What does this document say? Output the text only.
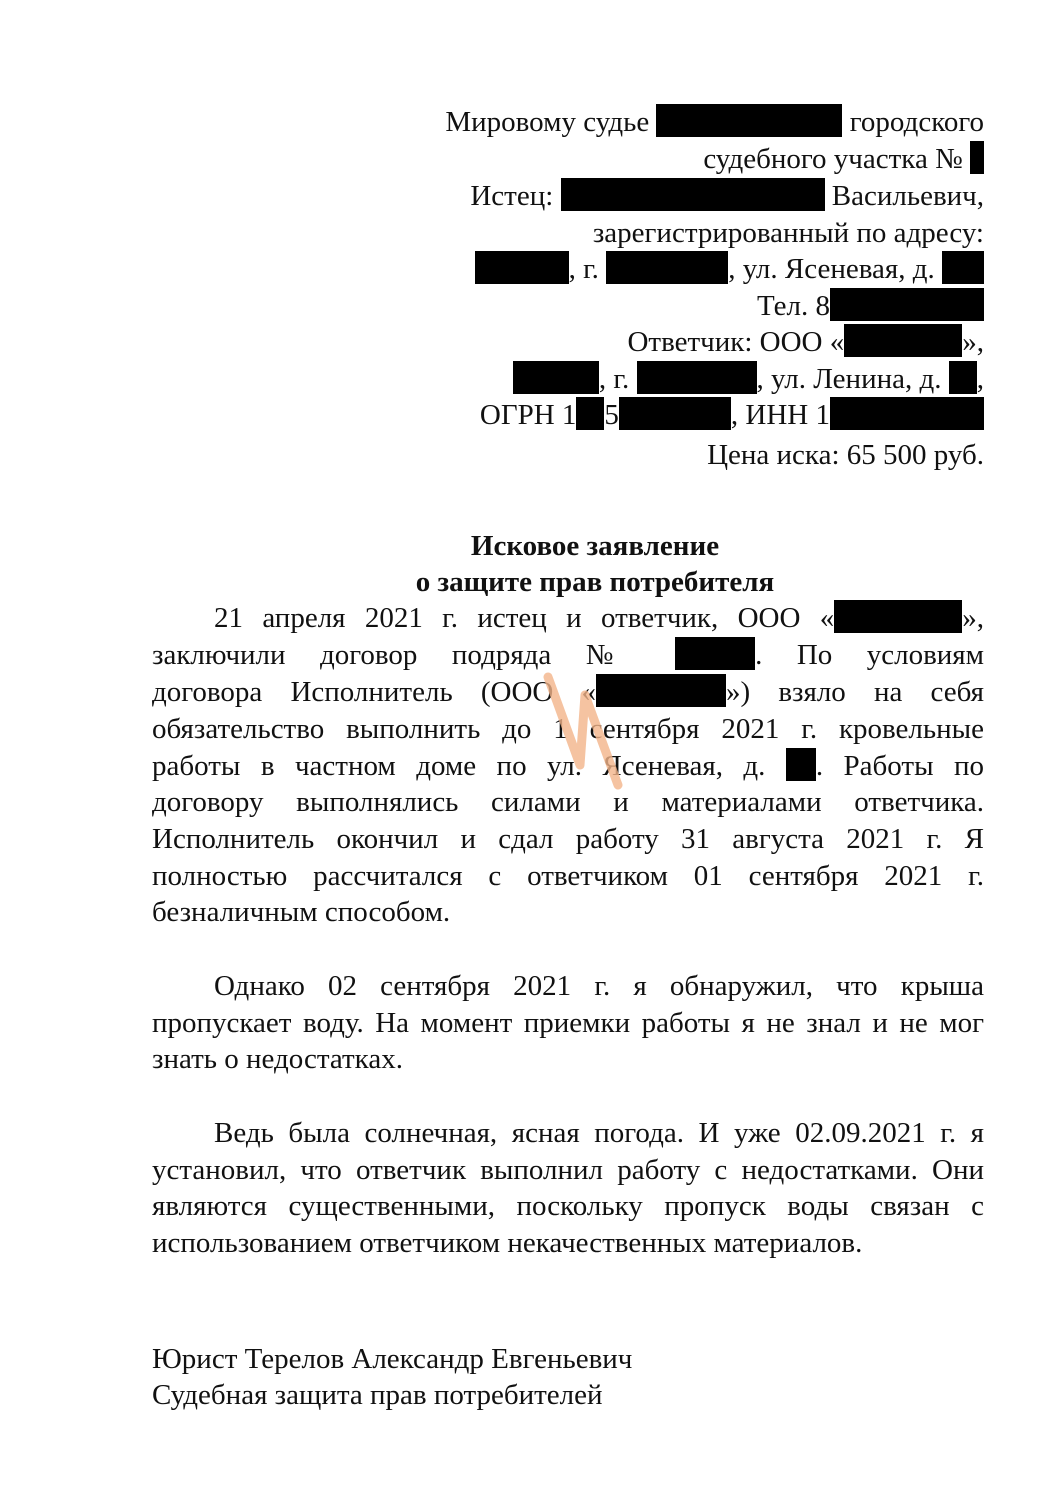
Мировому судье	городского
судебного участка №
Истец:	Васильевич,
зарегистрированный по адресу:
, г.	, ул. Ясеневая, д.
Тел. 8
Ответчик: ООО «	»,
, г.	, ул. Ленина, д. ,
ОГРН 1 5	, ИНН 1
Цена иска: 65 500 руб.
Исковое заявление
о защите прав потребителя
21 апреля 2021 г. истец и ответчик, ООО «	»,
заключили договор подряда №	. По условиям
договора Исполнитель (ООО «	») взяло на себя
обязательство выполнить до 1 сентября 2021 г. кровельные
работы в частном доме по ул. Ясеневая, д. . Работы по
договору выполнялись силами и материалами ответчика.
Исполнитель окончил и сдал работу 31 августа 2021 г. Я
полностью рассчитался с ответчиком 01 сентября 2021 г.
безналичным способом.
Однако 02 сентября 2021 г. я обнаружил, что крыша пропускает воду. На момент приемки работы я не знал и не мог знать о недостатках.
Ведь была солнечная, ясная погода. И уже 02.09.2021 г. я установил, что ответчик выполнил работу с недостатками. Они являются существенными, поскольку пропуск воды связан с использованием ответчиком некачественных материалов.
Юрист Терелов Александр Евгеньевич
Судебная защита прав потребителей
